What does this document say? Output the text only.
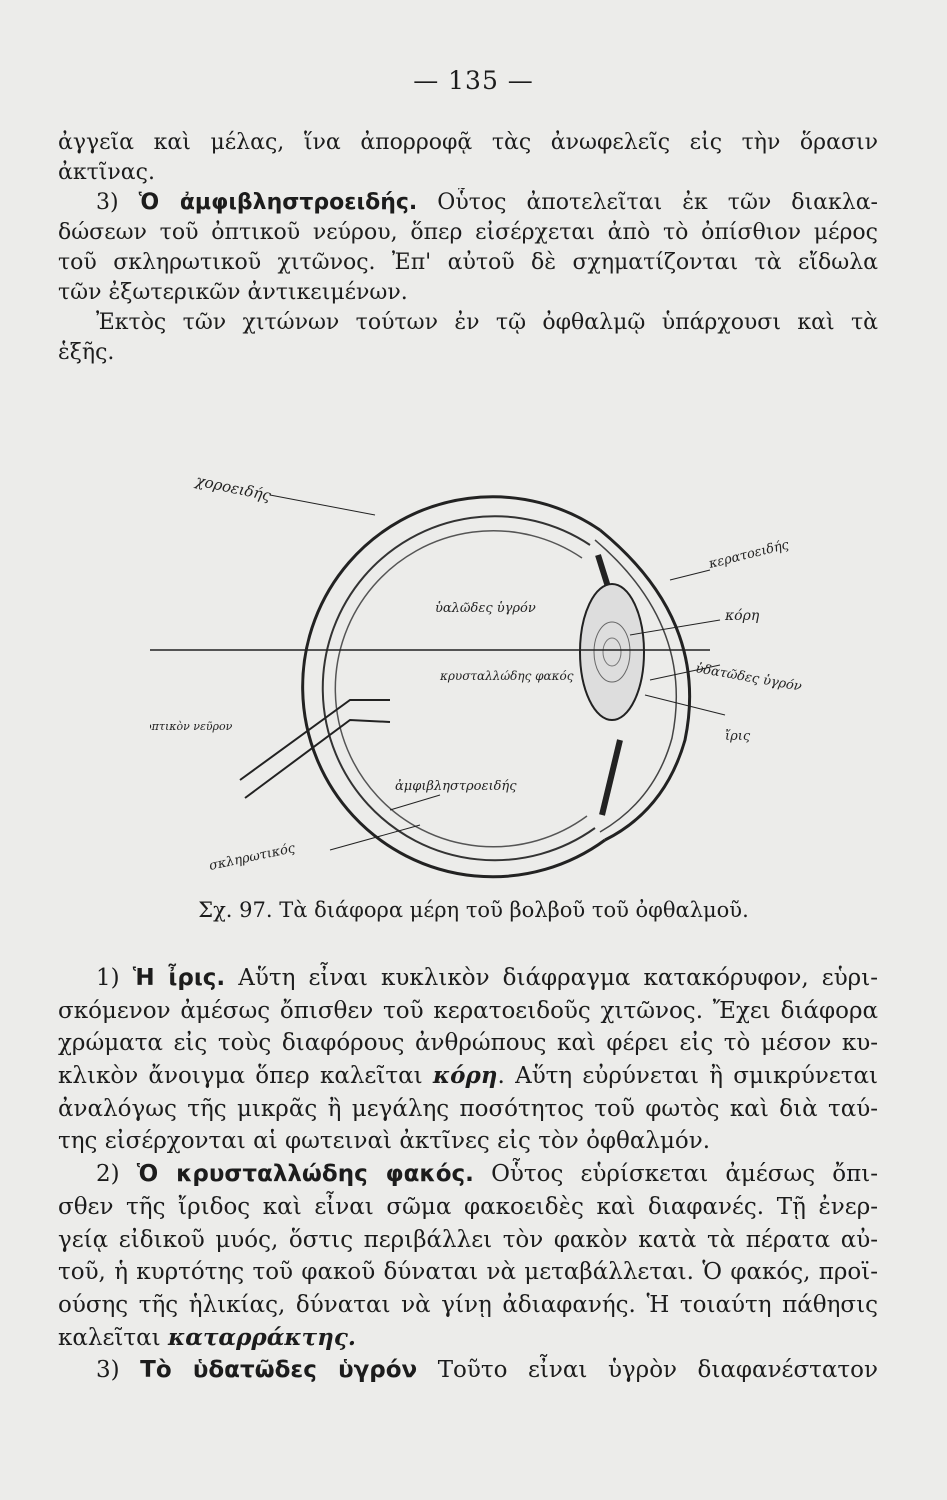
— 135 —
ἀγγεῖα καὶ μέλας, ἵνα ἀπορροφᾷ τὰς ἀνωφελεῖς εἰς τὴν ὅρασιν
ἀκτῖνας.
3) Ὁ ἀμφιβληστροειδής. Οὗτος ἀποτελεῖται ἐκ τῶν διακλα-
δώσεων τοῦ ὀπτικοῦ νεύρου, ὅπερ εἰσέρχεται ἀπὸ τὸ ὀπίσθιον μέρος
τοῦ σκληρωτικοῦ χιτῶνος. Ἐπ' αὐτοῦ δὲ σχηματίζονται τὰ εἴδωλα
τῶν ἐξωτερικῶν ἀντικειμένων.
Ἐκτὸς τῶν χιτώνων τούτων ἐν τῷ ὀφθαλμῷ ὑπάρχουσι καὶ τὰ
ἑξῆς.
χοροειδής
κερατοειδής
κόρη
ὑδατῶδες ὑγρόν
ἴρις
ὑαλῶδες ὑγρόν
κρυσταλλώδης φακός
ὀπτικὸν νεῦρον
ἀμφιβληστροειδής
σκληρωτικός
Σχ. 97. Τὰ διάφορα μέρη τοῦ βολβοῦ τοῦ ὀφθαλμοῦ.
1) Ἡ ἶρις. Αὕτη εἶναι κυκλικὸν διάφραγμα κατακόρυφον, εὑρι-
σκόμενον ἀμέσως ὄπισθεν τοῦ κερατοειδοῦς χιτῶνος. Ἔχει διάφορα
χρώματα εἰς τοὺς διαφόρους ἀνθρώπους καὶ φέρει εἰς τὸ μέσον κυ-
κλικὸν ἄνοιγμα ὅπερ καλεῖται κόρη. Αὕτη εὐρύνεται ἢ σμικρύνεται
ἀναλόγως τῆς μικρᾶς ἢ μεγάλης ποσότητος τοῦ φωτὸς καὶ διὰ ταύ-
της εἰσέρχονται αἱ φωτειναὶ ἀκτῖνες εἰς τὸν ὀφθαλμόν.
2) Ὁ κρυσταλλώδης φακός. Οὗτος εὑρίσκεται ἀμέσως ὄπι-
σθεν τῆς ἴριδος καὶ εἶναι σῶμα φακοειδὲς καὶ διαφανές. Τῇ ἐνερ-
γείᾳ εἰδικοῦ μυός, ὅστις περιβάλλει τὸν φακὸν κατὰ τὰ πέρατα αὐ-
τοῦ, ἡ κυρτότης τοῦ φακοῦ δύναται νὰ μεταβάλλεται. Ὁ φακός, προϊ-
ούσης τῆς ἡλικίας, δύναται νὰ γίνῃ ἀδιαφανής. Ἡ τοιαύτη πάθησις
καλεῖται καταρράκτης.
3) Τὸ ὑδατῶδες ὑγρόν Τοῦτο εἶναι ὑγρὸν διαφανέστατον
